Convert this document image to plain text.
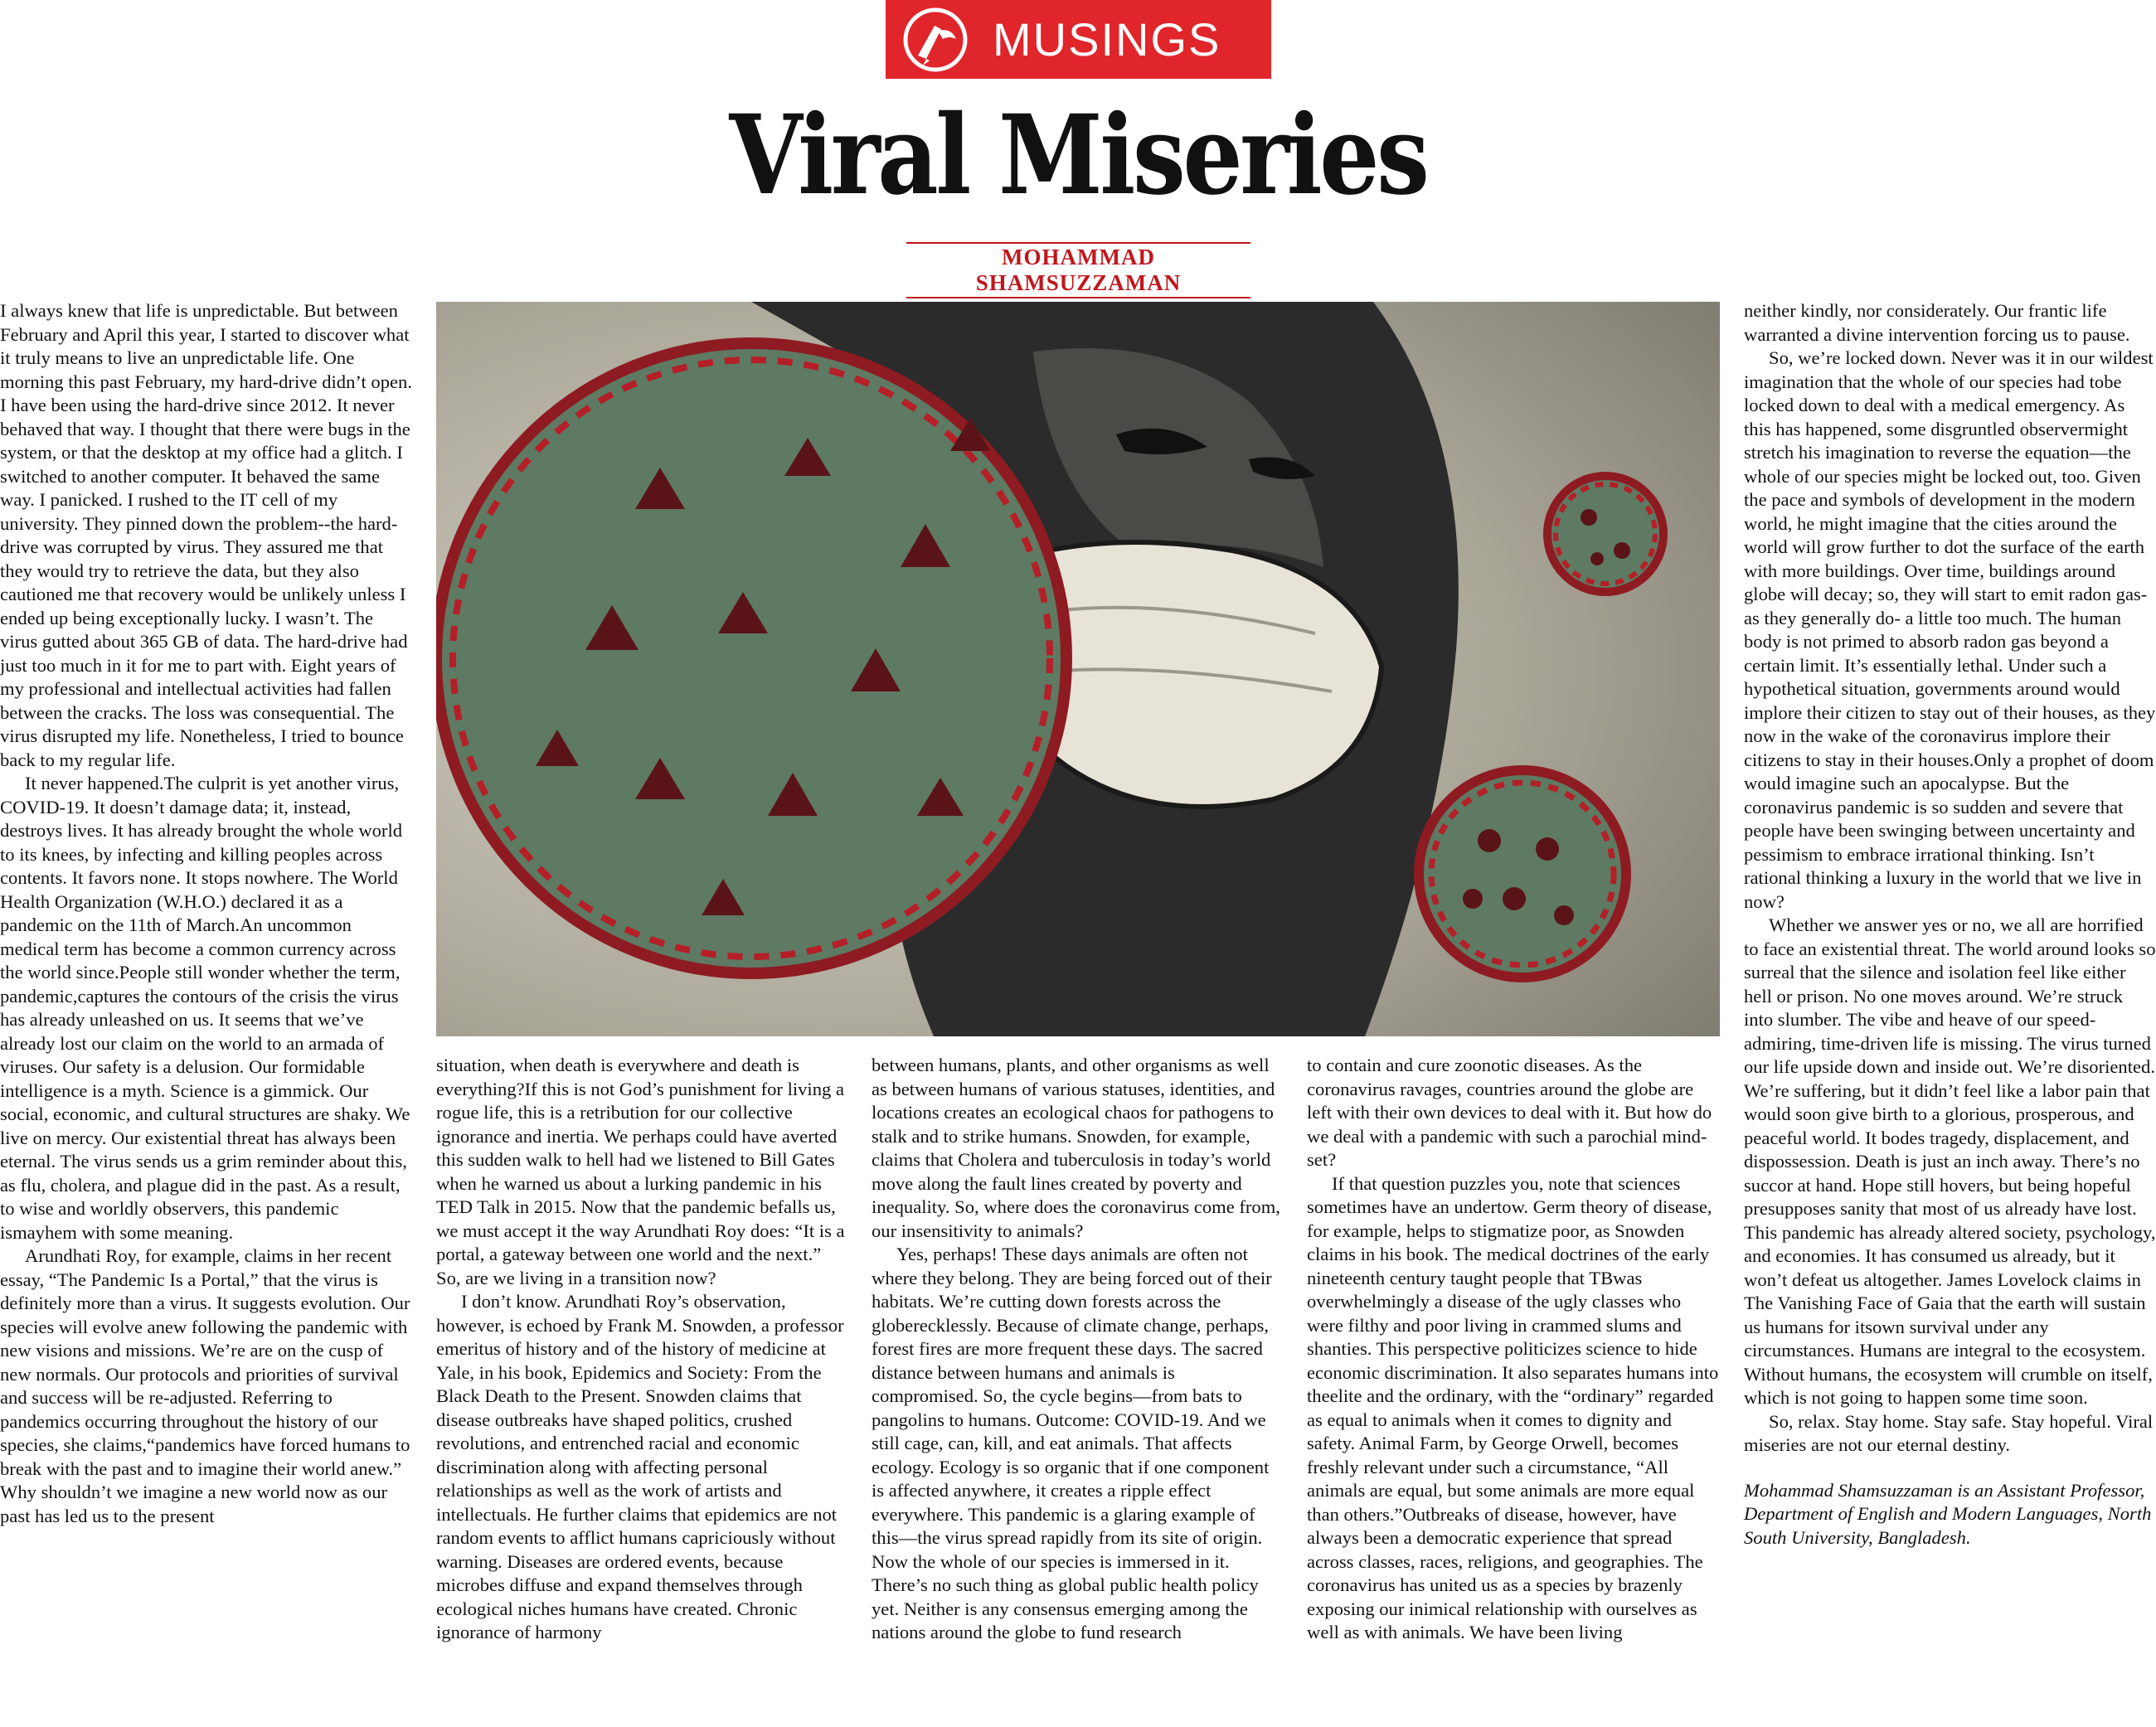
MUSINGS
Viral Miseries
MOHAMMAD SHAMSUZZAMAN

I always knew that life is unpredictable. But between February and April this year, I started to discover what it truly means to live an unpredictable life. One morning this past February, my hard-drive didn’t open. I have been using the hard-drive since 2012. It never behaved that way. I thought that there were bugs in the system, or that the desktop at my office had a glitch. I switched to another computer. It behaved the same way. I panicked. I rushed to the IT cell of my university. They pinned down the problem--the hard-drive was corrupted by virus. They assured me that they would try to retrieve the data, but they also cautioned me that recovery would be unlikely unless I ended up being exceptionally lucky. I wasn’t. The virus gutted about 365 GB of data. The hard-drive had just too much in it for me to part with. Eight years of my professional and intellectual activities had fallen between the cracks. The loss was consequential. The virus disrupted my life. Nonetheless, I tried to bounce back to my regular life.

It never happened.The culprit is yet another virus, COVID-19. It doesn’t damage data; it, instead, destroys lives. It has already brought the whole world to its knees, by infecting and killing peoples across contents. It favors none. It stops nowhere. The World Health Organization (W.H.O.) declared it as a pandemic on the 11th of March.An uncommon medical term has become a common currency across the world since.People still wonder whether the term, pandemic,captures the contours of the crisis the virus has already unleashed on us. It seems that we’ve already lost our claim on the world to an armada of viruses. Our safety is a delusion. Our formidable intelligence is a myth. Science is a gimmick. Our social, economic, and cultural structures are shaky. We live on mercy. Our existential threat has always been eternal. The virus sends us a grim reminder about this, as flu, cholera, and plague did in the past. As a result, to wise and worldly observers, this pandemic ismayhem with some meaning.

Arundhati Roy, for example, claims in her recent essay, “The Pandemic Is a Portal,” that the virus is definitely more than a virus. It suggests evolution. Our species will evolve anew following the pandemic with new visions and missions. We’re are on the cusp of new normals. Our protocols and priorities of survival and success will be re-adjusted. Referring to pandemics occurring throughout the history of our species, she claims,“pandemics have forced humans to break with the past and to imagine their world anew.” Why shouldn’t we imagine a new world now as our past has led us to the present

situation, when death is everywhere and death is everything?If this is not God’s punishment for living a rogue life, this is a retribution for our collective ignorance and inertia. We perhaps could have averted this sudden walk to hell had we listened to Bill Gates when he warned us about a lurking pandemic in his TED Talk in 2015. Now that the pandemic befalls us, we must accept it the way Arundhati Roy does: “It is a portal, a gateway between one world and the next.” So, are we living in a transition now?

I don’t know. Arundhati Roy’s observation, however, is echoed by Frank M. Snowden, a professor emeritus of history and of the history of medicine at Yale, in his book, Epidemics and Society: From the Black Death to the Present. Snowden claims that disease outbreaks have shaped politics, crushed revolutions, and entrenched racial and economic discrimination along with affecting personal relationships as well as the work of artists and intellectuals. He further claims that epidemics are not random events to afflict humans capriciously without warning. Diseases are ordered events, because microbes diffuse and expand themselves through ecological niches humans have created. Chronic ignorance of harmony

between humans, plants, and other organisms as well as between humans of various statuses, identities, and locations creates an ecological chaos for pathogens to stalk and to strike humans. Snowden, for example, claims that Cholera and tuberculosis in today’s world move along the fault lines created by poverty and inequality. So, where does the coronavirus come from, our insensitivity to animals?

Yes, perhaps! These days animals are often not where they belong. They are being forced out of their habitats. We’re cutting down forests across the globerecklessly. Because of climate change, perhaps, forest fires are more frequent these days. The sacred distance between humans and animals is compromised. So, the cycle begins—from bats to pangolins to humans. Outcome: COVID-19. And we still cage, can, kill, and eat animals. That affects ecology. Ecology is so organic that if one component is affected anywhere, it creates a ripple effect everywhere. This pandemic is a glaring example of this—the virus spread rapidly from its site of origin. Now the whole of our species is immersed in it. There’s no such thing as global public health policy yet. Neither is any consensus emerging among the nations around the globe to fund research

to contain and cure zoonotic diseases. As the coronavirus ravages, countries around the globe are left with their own devices to deal with it. But how do we deal with a pandemic with such a parochial mind-set?

If that question puzzles you, note that sciences sometimes have an undertow. Germ theory of disease, for example, helps to stigmatize poor, as Snowden claims in his book. The medical doctrines of the early nineteenth century taught people that TBwas overwhelmingly a disease of the ugly classes who were filthy and poor living in crammed slums and shanties. This perspective politicizes science to hide economic discrimination. It also separates humans into theelite and the ordinary, with the “ordinary” regarded as equal to animals when it comes to dignity and safety. Animal Farm, by George Orwell, becomes freshly relevant under such a circumstance, “All animals are equal, but some animals are more equal than others.”Outbreaks of disease, however, have always been a democratic experience that spread across classes, races, religions, and geographies. The coronavirus has united us as a species by brazenly exposing our inimical relationship with ourselves as well as with animals. We have been living

neither kindly, nor considerately. Our frantic life warranted a divine intervention forcing us to pause.

So, we’re locked down. Never was it in our wildest imagination that the whole of our species had tobe locked down to deal with a medical emergency. As this has happened, some disgruntled observermight stretch his imagination to reverse the equation—the whole of our species might be locked out, too. Given the pace and symbols of development in the modern world, he might imagine that the cities around the world will grow further to dot the surface of the earth with more buildings. Over time, buildings around globe will decay; so, they will start to emit radon gas-as they generally do- a little too much. The human body is not primed to absorb radon gas beyond a certain limit. It’s essentially lethal. Under such a hypothetical situation, governments around would implore their citizen to stay out of their houses, as they now in the wake of the coronavirus implore their citizens to stay in their houses.Only a prophet of doom would imagine such an apocalypse. But the coronavirus pandemic is so sudden and severe that people have been swinging between uncertainty and pessimism to embrace irrational thinking. Isn’t rational thinking a luxury in the world that we live in now?

Whether we answer yes or no, we all are horrified to face an existential threat. The world around looks so surreal that the silence and isolation feel like either hell or prison. No one moves around. We’re struck into slumber. The vibe and heave of our speed-admiring, time-driven life is missing. The virus turned our life upside down and inside out. We’re disoriented. We’re suffering, but it didn’t feel like a labor pain that would soon give birth to a glorious, prosperous, and peaceful world. It bodes tragedy, displacement, and dispossession. Death is just an inch away. There’s no succor at hand. Hope still hovers, but being hopeful presupposes sanity that most of us already have lost. This pandemic has already altered society, psychology, and economies. It has consumed us already, but it won’t defeat us altogether. James Lovelock claims in The Vanishing Face of Gaia that the earth will sustain us humans for itsown survival under any circumstances. Humans are integral to the ecosystem. Without humans, the ecosystem will crumble on itself, which is not going to happen some time soon.

So, relax. Stay home. Stay safe. Stay hopeful. Viral miseries are not our eternal destiny.

Mohammad Shamsuzzaman is an Assistant Professor, Department of English and Modern Languages, North South University, Bangladesh.
